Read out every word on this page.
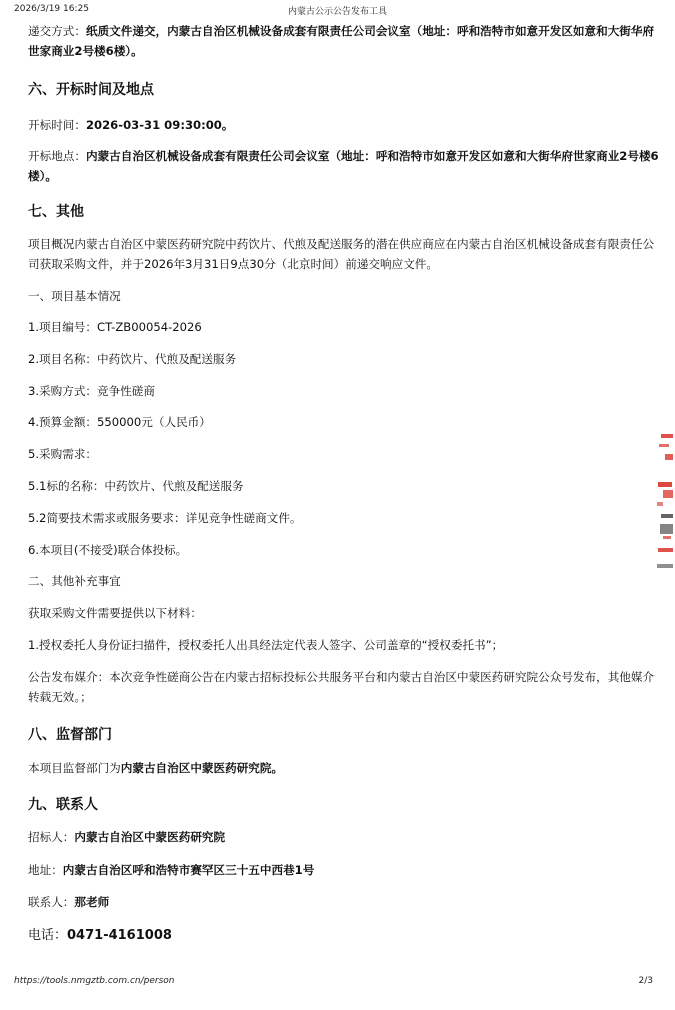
2026/3/19 16:25	内蒙古公示公告发布工具

递交方式：纸质文件递交，内蒙古自治区机械设备成套有限责任公司会议室（地址：呼和浩特市如意开发区如意和大街华府世家商业2号楼6楼）。

六、开标时间及地点

开标时间：2026-03-31 09:30:00。

开标地点：内蒙古自治区机械设备成套有限责任公司会议室（地址：呼和浩特市如意开发区如意和大街华府世家商业2号楼6楼）。

七、其他

项目概况内蒙古自治区中蒙医药研究院中药饮片、代煎及配送服务的潜在供应商应在内蒙古自治区机械设备成套有限责任公司获取采购文件，并于2026年3月31日9点30分（北京时间）前递交响应文件。

一、项目基本情况

1.项目编号：CT-ZB00054-2026

2.项目名称：中药饮片、代煎及配送服务

3.采购方式：竞争性磋商

4.预算金额：550000元（人民币）

5.采购需求：

5.1标的名称：中药饮片、代煎及配送服务

5.2简要技术需求或服务要求：详见竞争性磋商文件。

6.本项目(不接受)联合体投标。

二、其他补充事宜

获取采购文件需要提供以下材料：

1.授权委托人身份证扫描件，授权委托人出具经法定代表人签字、公司盖章的“授权委托书”；

公告发布媒介：本次竞争性磋商公告在内蒙古招标投标公共服务平台和内蒙古自治区中蒙医药研究院公众号发布，其他媒介转载无效。；

八、监督部门

本项目监督部门为内蒙古自治区中蒙医药研究院。

九、联系人

招标人：内蒙古自治区中蒙医药研究院

地址：内蒙古自治区呼和浩特市赛罕区三十五中西巷1号

联系人：那老师

电话：0471-4161008

https://tools.nmgztb.com.cn/person	2/3
